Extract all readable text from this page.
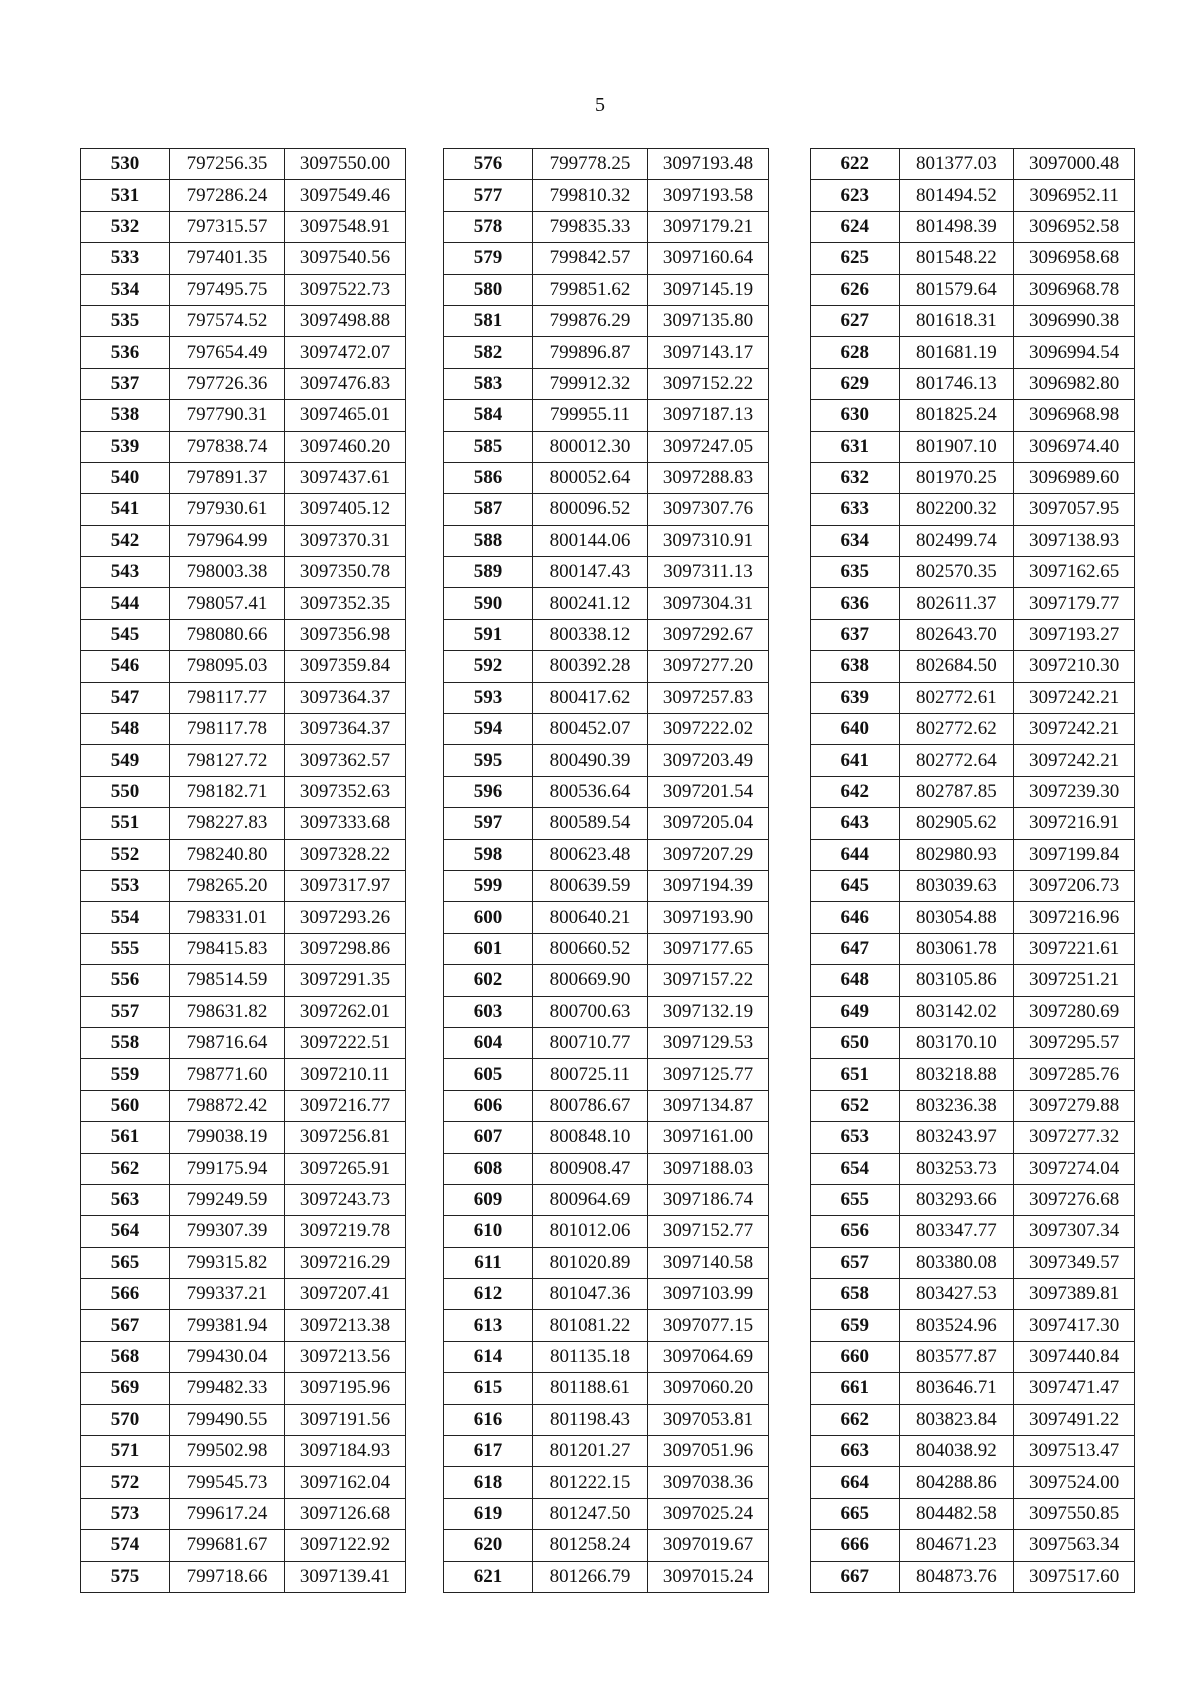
5
530	797256.35	3097550.00
531	797286.24	3097549.46
532	797315.57	3097548.91
533	797401.35	3097540.56
534	797495.75	3097522.73
535	797574.52	3097498.88
536	797654.49	3097472.07
537	797726.36	3097476.83
538	797790.31	3097465.01
539	797838.74	3097460.20
540	797891.37	3097437.61
541	797930.61	3097405.12
542	797964.99	3097370.31
543	798003.38	3097350.78
544	798057.41	3097352.35
545	798080.66	3097356.98
546	798095.03	3097359.84
547	798117.77	3097364.37
548	798117.78	3097364.37
549	798127.72	3097362.57
550	798182.71	3097352.63
551	798227.83	3097333.68
552	798240.80	3097328.22
553	798265.20	3097317.97
554	798331.01	3097293.26
555	798415.83	3097298.86
556	798514.59	3097291.35
557	798631.82	3097262.01
558	798716.64	3097222.51
559	798771.60	3097210.11
560	798872.42	3097216.77
561	799038.19	3097256.81
562	799175.94	3097265.91
563	799249.59	3097243.73
564	799307.39	3097219.78
565	799315.82	3097216.29
566	799337.21	3097207.41
567	799381.94	3097213.38
568	799430.04	3097213.56
569	799482.33	3097195.96
570	799490.55	3097191.56
571	799502.98	3097184.93
572	799545.73	3097162.04
573	799617.24	3097126.68
574	799681.67	3097122.92
575	799718.66	3097139.41
576	799778.25	3097193.48
577	799810.32	3097193.58
578	799835.33	3097179.21
579	799842.57	3097160.64
580	799851.62	3097145.19
581	799876.29	3097135.80
582	799896.87	3097143.17
583	799912.32	3097152.22
584	799955.11	3097187.13
585	800012.30	3097247.05
586	800052.64	3097288.83
587	800096.52	3097307.76
588	800144.06	3097310.91
589	800147.43	3097311.13
590	800241.12	3097304.31
591	800338.12	3097292.67
592	800392.28	3097277.20
593	800417.62	3097257.83
594	800452.07	3097222.02
595	800490.39	3097203.49
596	800536.64	3097201.54
597	800589.54	3097205.04
598	800623.48	3097207.29
599	800639.59	3097194.39
600	800640.21	3097193.90
601	800660.52	3097177.65
602	800669.90	3097157.22
603	800700.63	3097132.19
604	800710.77	3097129.53
605	800725.11	3097125.77
606	800786.67	3097134.87
607	800848.10	3097161.00
608	800908.47	3097188.03
609	800964.69	3097186.74
610	801012.06	3097152.77
611	801020.89	3097140.58
612	801047.36	3097103.99
613	801081.22	3097077.15
614	801135.18	3097064.69
615	801188.61	3097060.20
616	801198.43	3097053.81
617	801201.27	3097051.96
618	801222.15	3097038.36
619	801247.50	3097025.24
620	801258.24	3097019.67
621	801266.79	3097015.24
622	801377.03	3097000.48
623	801494.52	3096952.11
624	801498.39	3096952.58
625	801548.22	3096958.68
626	801579.64	3096968.78
627	801618.31	3096990.38
628	801681.19	3096994.54
629	801746.13	3096982.80
630	801825.24	3096968.98
631	801907.10	3096974.40
632	801970.25	3096989.60
633	802200.32	3097057.95
634	802499.74	3097138.93
635	802570.35	3097162.65
636	802611.37	3097179.77
637	802643.70	3097193.27
638	802684.50	3097210.30
639	802772.61	3097242.21
640	802772.62	3097242.21
641	802772.64	3097242.21
642	802787.85	3097239.30
643	802905.62	3097216.91
644	802980.93	3097199.84
645	803039.63	3097206.73
646	803054.88	3097216.96
647	803061.78	3097221.61
648	803105.86	3097251.21
649	803142.02	3097280.69
650	803170.10	3097295.57
651	803218.88	3097285.76
652	803236.38	3097279.88
653	803243.97	3097277.32
654	803253.73	3097274.04
655	803293.66	3097276.68
656	803347.77	3097307.34
657	803380.08	3097349.57
658	803427.53	3097389.81
659	803524.96	3097417.30
660	803577.87	3097440.84
661	803646.71	3097471.47
662	803823.84	3097491.22
663	804038.92	3097513.47
664	804288.86	3097524.00
665	804482.58	3097550.85
666	804671.23	3097563.34
667	804873.76	3097517.60
